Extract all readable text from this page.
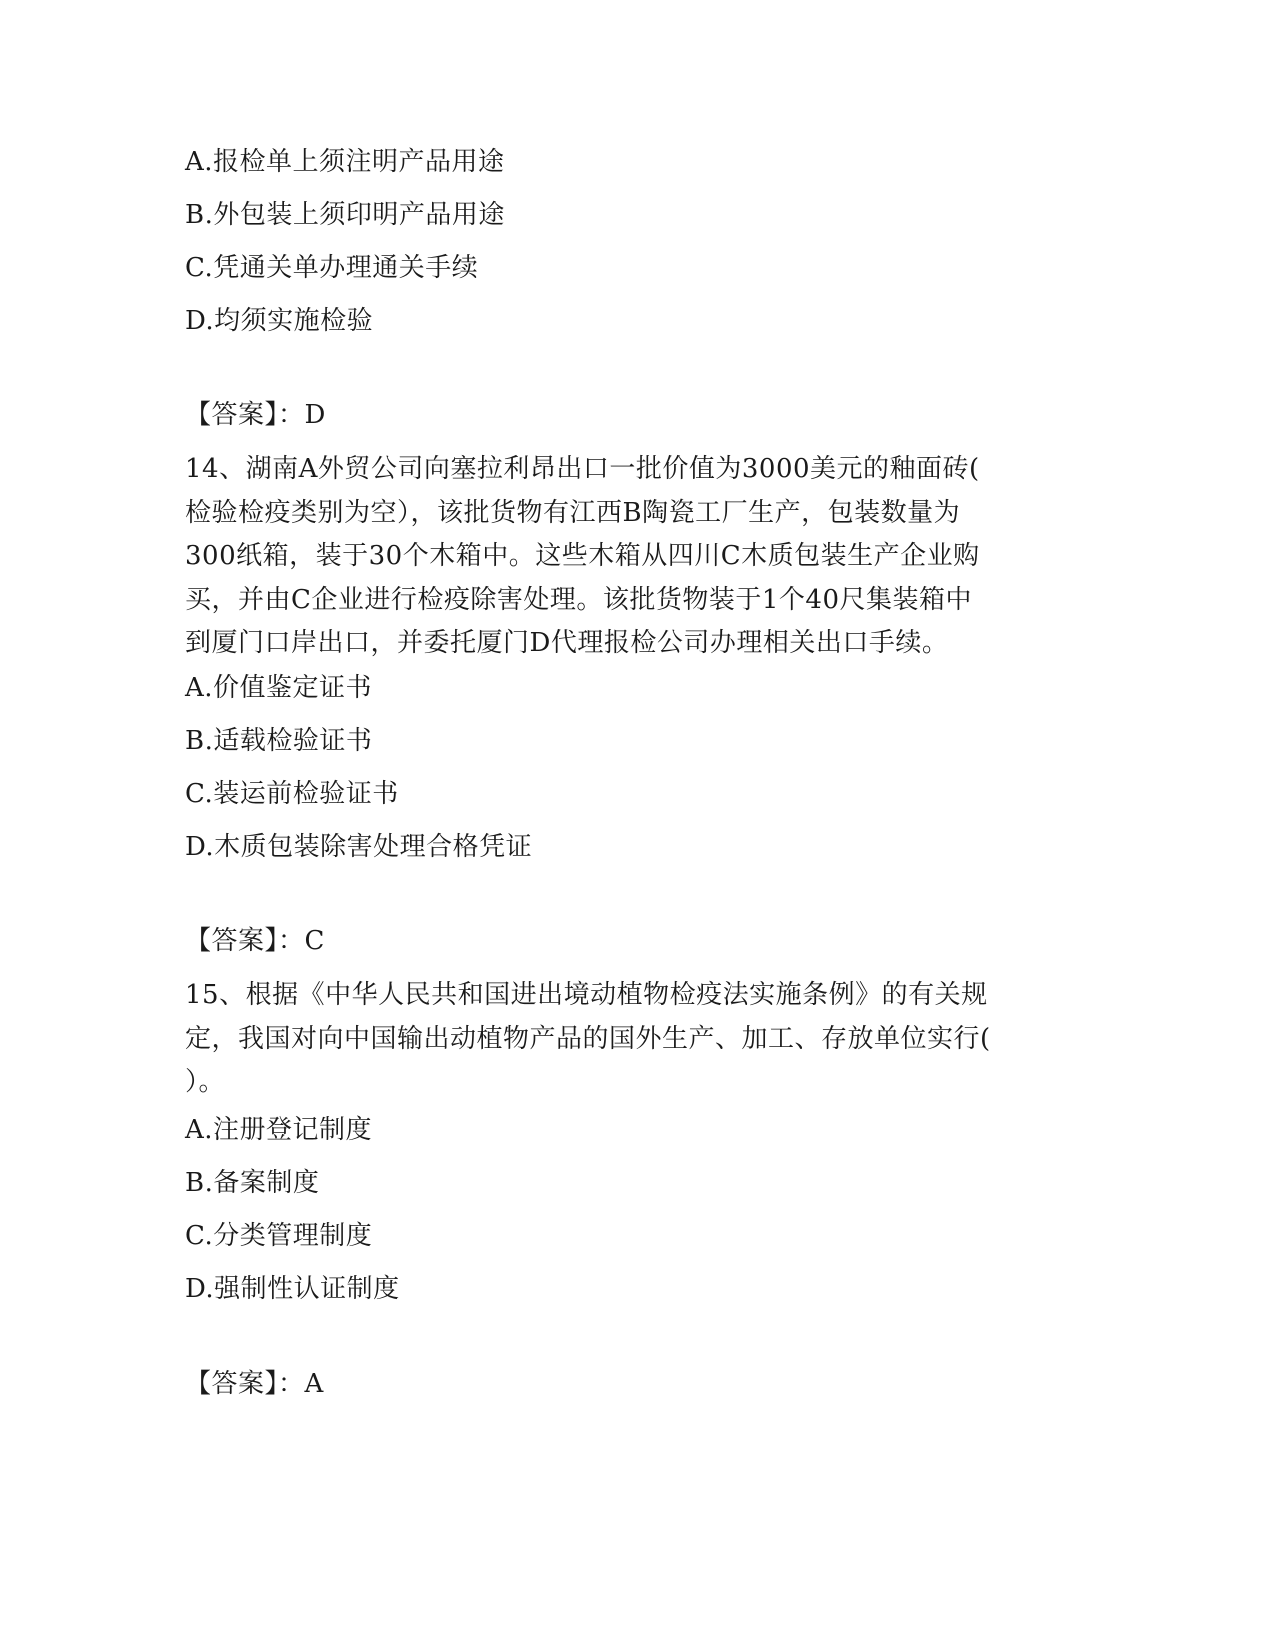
A.报检单上须注明产品用途
B.外包装上须印明产品用途
C.凭通关单办理通关手续
D.均须实施检验
【答案】：D
14、湖南A外贸公司向塞拉利昂出口一批价值为3000美元的釉面砖(
检验检疫类别为空），该批货物有江西B陶瓷工厂生产，包装数量为
300纸箱，装于30个木箱中。这些木箱从四川C木质包装生产企业购
买，并由C企业进行检疫除害处理。该批货物装于1个40尺集装箱中
到厦门口岸出口，并委托厦门D代理报检公司办理相关出口手续。
A.价值鉴定证书
B.适载检验证书
C.装运前检验证书
D.木质包装除害处理合格凭证
【答案】：C
15、根据《中华人民共和国进出境动植物检疫法实施条例》的有关规
定，我国对向中国输出动植物产品的国外生产、加工、存放单位实行(
）。
A.注册登记制度
B.备案制度
C.分类管理制度
D.强制性认证制度
【答案】：A
